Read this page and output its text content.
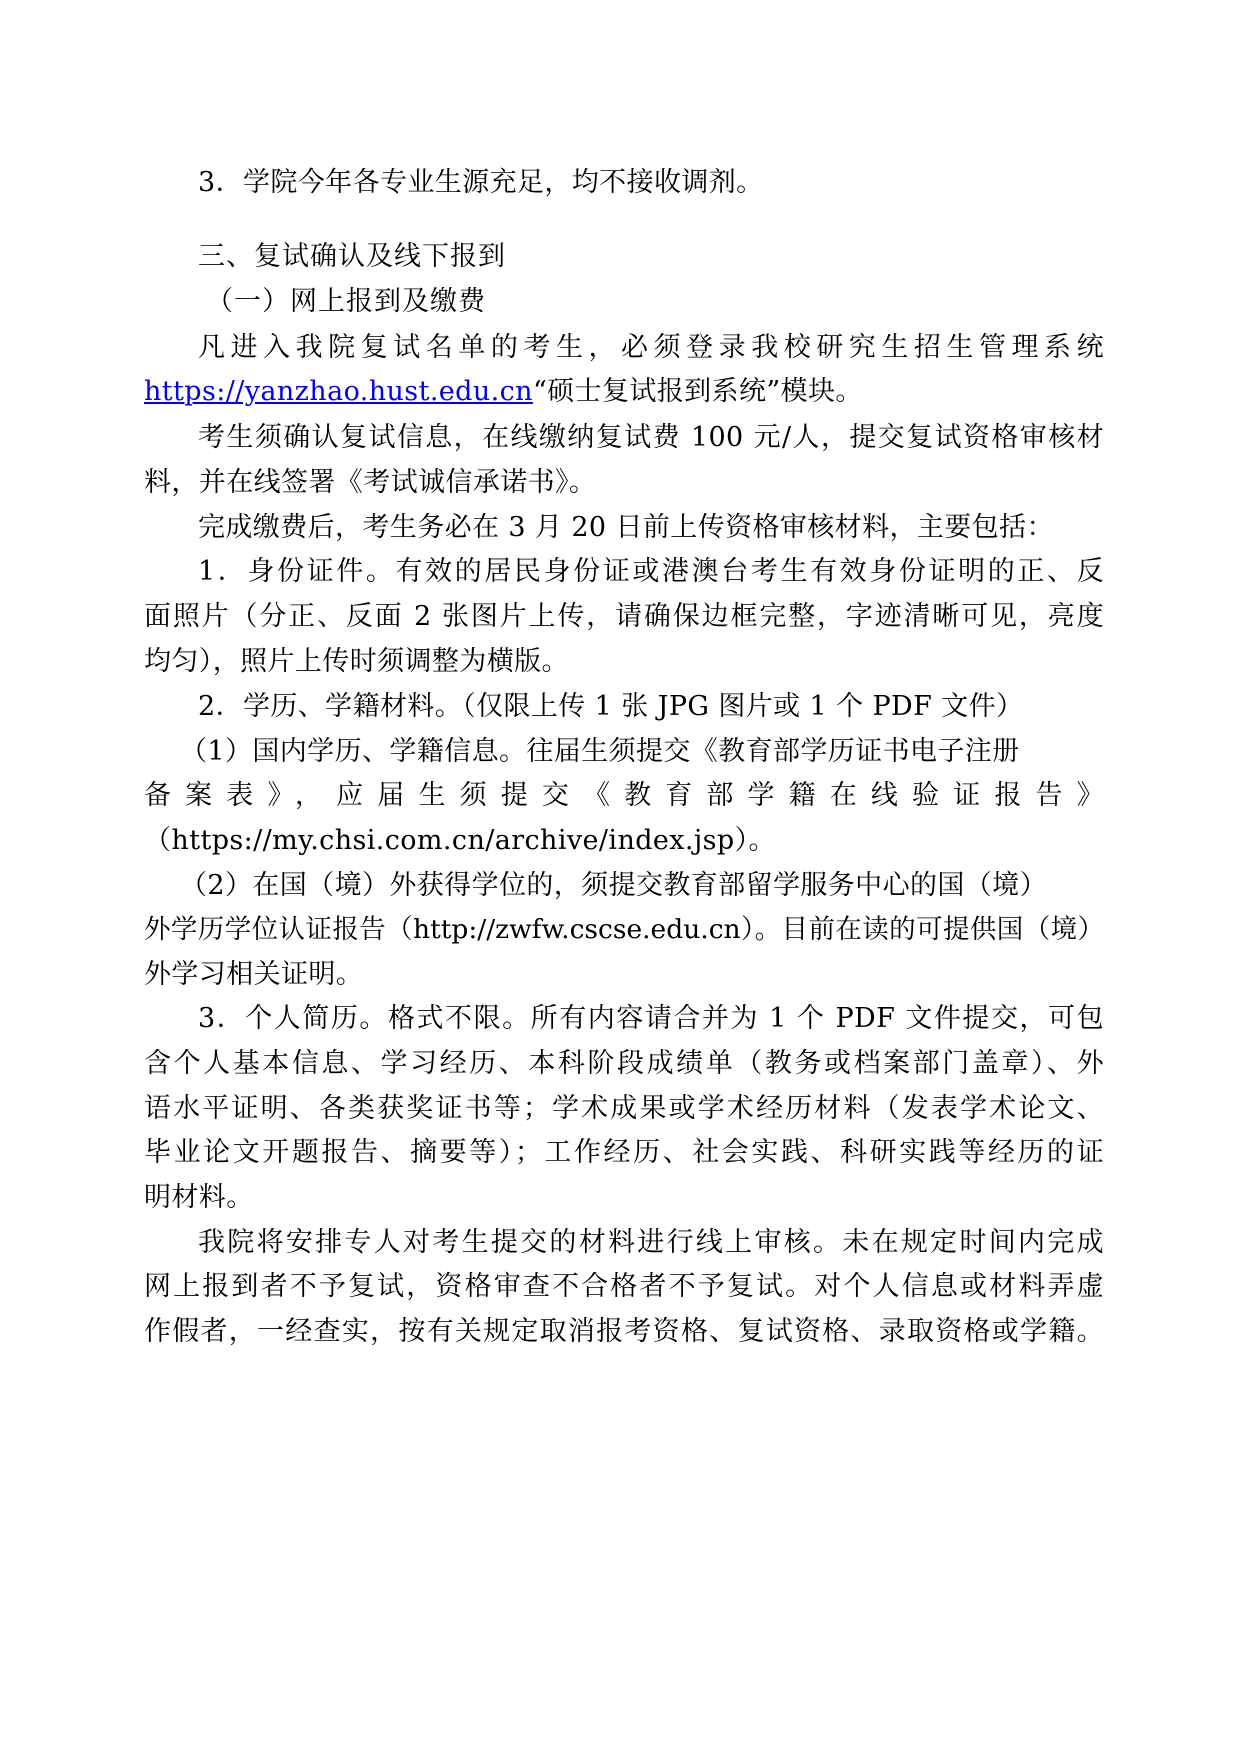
3．学院今年各专业生源充足，均不接收调剂。
三、复试确认及线下报到
（一）网上报到及缴费
凡进入我院复试名单的考生，必须登录我校研究生招生管理系统
https://yanzhao.hust.edu.cn“硕士复试报到系统”模块。
考生须确认复试信息，在线缴纳复试费 100 元/人，提交复试资格审核材
料，并在线签署《考试诚信承诺书》。
完成缴费后，考生务必在 3 月 20 日前上传资格审核材料，主要包括：
1．身份证件。有效的居民身份证或港澳台考生有效身份证明的正、反
面照片（分正、反面 2 张图片上传，请确保边框完整，字迹清晰可见，亮度
均匀），照片上传时须调整为横版。
2．学历、学籍材料。（仅限上传 1 张 JPG 图片或 1 个 PDF 文件）
（1）国内学历、学籍信息。往届生须提交《教育部学历证书电子注册
备案表》，应届生须提交《教育部学籍在线验证报告》
（https://my.chsi.com.cn/archive/index.jsp）。
（2）在国（境）外获得学位的，须提交教育部留学服务中心的国（境）
外学历学位认证报告（http://zwfw.cscse.edu.cn）。目前在读的可提供国（境）
外学习相关证明。
3．个人简历。格式不限。所有内容请合并为 1 个 PDF 文件提交，可包
含个人基本信息、学习经历、本科阶段成绩单（教务或档案部门盖章）、外
语水平证明、各类获奖证书等；学术成果或学术经历材料（发表学术论文、
毕业论文开题报告、摘要等）；工作经历、社会实践、科研实践等经历的证
明材料。
我院将安排专人对考生提交的材料进行线上审核。未在规定时间内完成
网上报到者不予复试，资格审查不合格者不予复试。对个人信息或材料弄虚
作假者，一经查实，按有关规定取消报考资格、复试资格、录取资格或学籍。
